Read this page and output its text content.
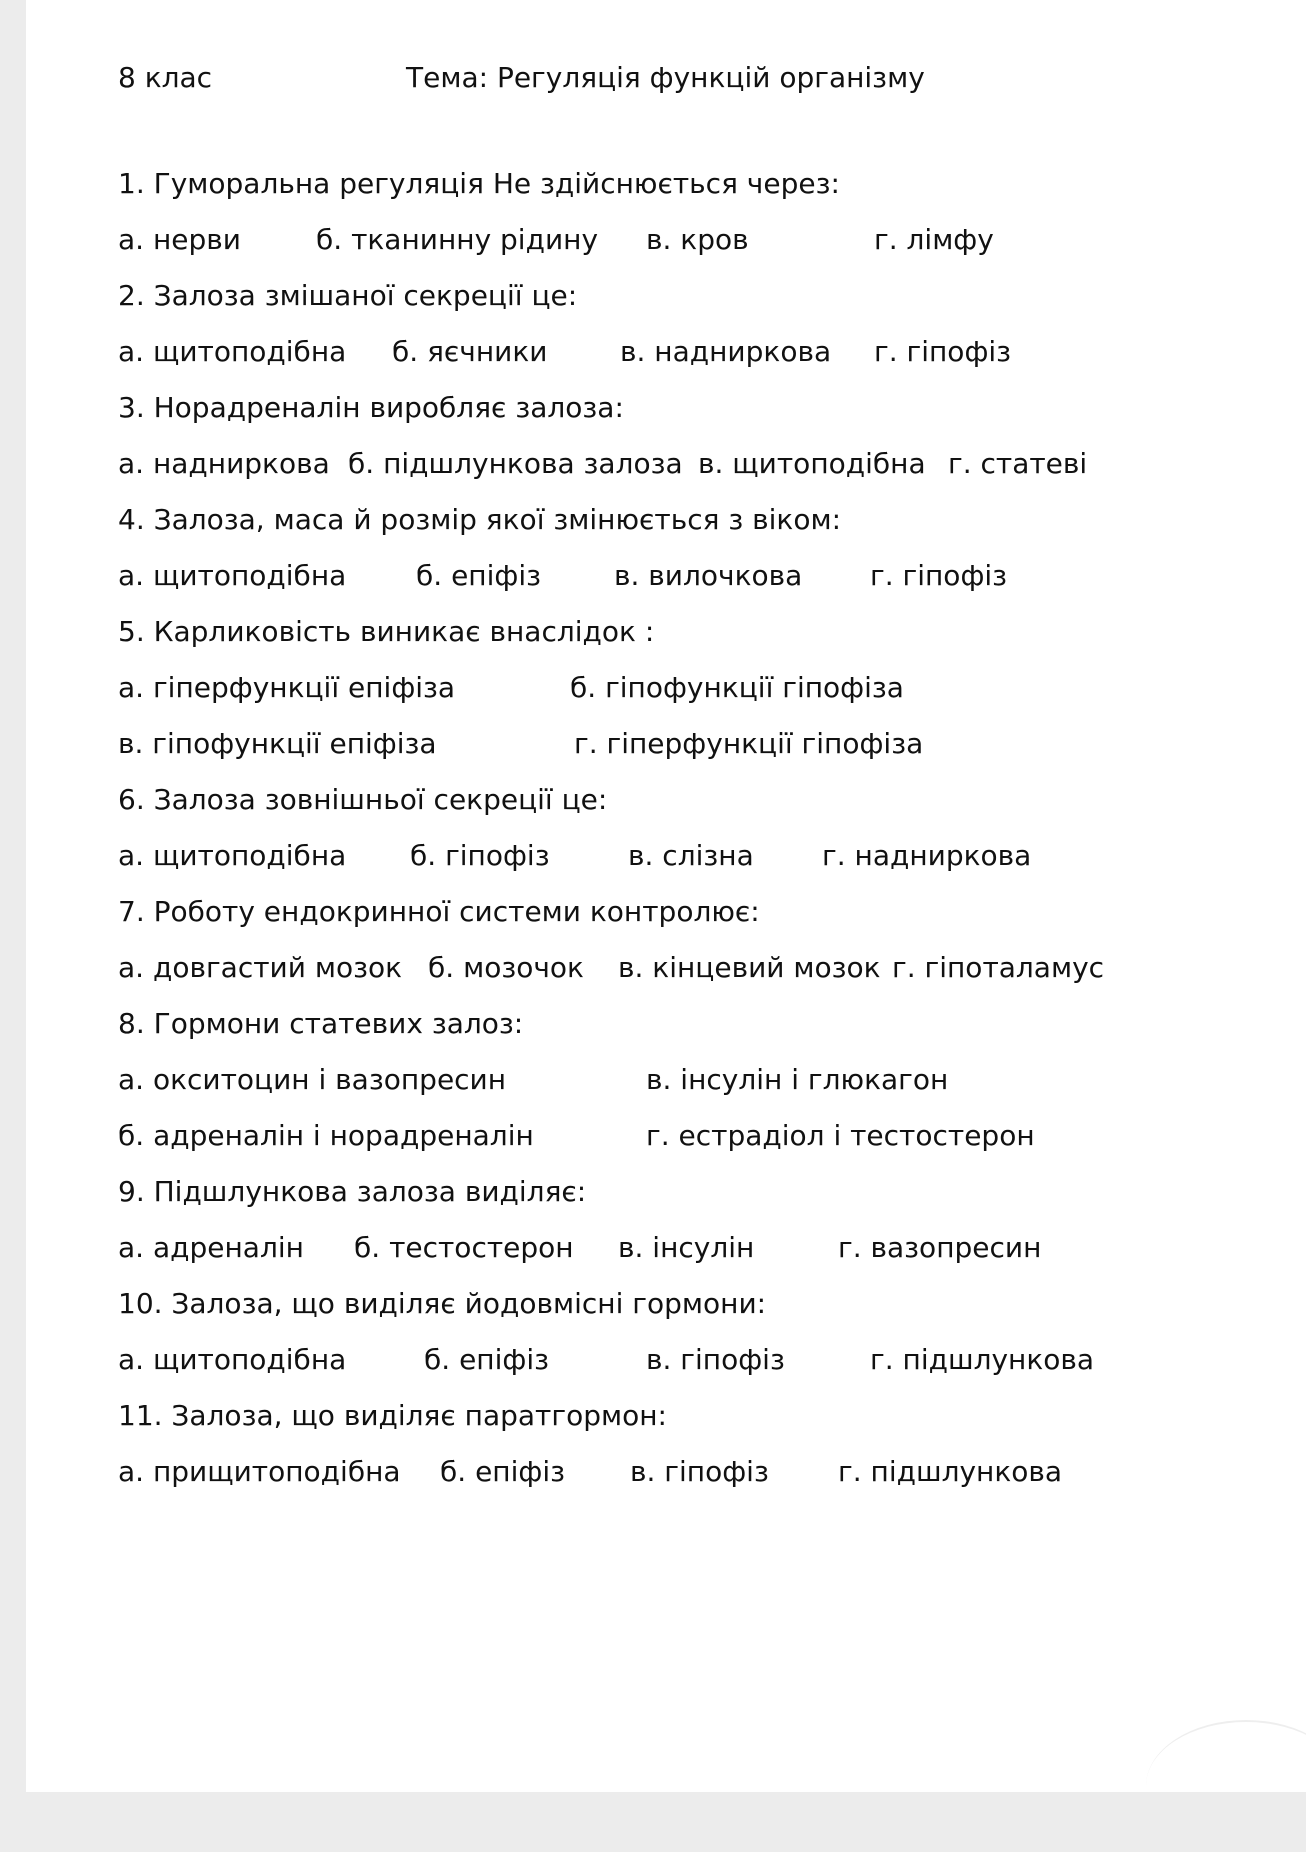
8 клас	Тема: Регуляція функцій організму
1. Гуморальна регуляція Не здійснюється через:
а. нерви	б. тканинну рідину в. кров	г. лімфу
2. Залоза змішаної секреції це:
а. щитоподібна б. яєчники	в. надниркова г. гіпофіз
3. Норадреналін виробляє залоза:
а. надниркова б. підшлункова залоза в. щитоподібна г. статеві
4. Залоза, маса й розмір якої змінюється з віком:
а. щитоподібна б. епіфіз	в. вилочкова г. гіпофіз
5. Карликовість виникає внаслідок :
а. гіперфункції епіфіза	б. гіпофункції гіпофіза
в. гіпофункції епіфіза	г. гіперфункції гіпофіза
6. Залоза зовнішньої секреції це:
а. щитоподібна б. гіпофіз	в. слізна г. надниркова
7. Роботу ендокринної системи контролює:
а. довгастий мозок б. мозочок в. кінцевий мозок г. гіпоталамус
8. Гормони статевих залоз:
а. окситоцин і вазопресин	в. інсулін і глюкагон
б. адреналін і норадреналін	г. естрадіол і тестостерон
9. Підшлункова залоза виділяє:
а. адреналін б. тестостерон в. інсулін	г. вазопресин
10. Залоза, що виділяє йодовмісні гормони:
а. щитоподібна	б. епіфіз	в. гіпофіз	г. підшлункова
11. Залоза, що виділяє паратгормон:
а. прищитоподібна б. епіфіз в. гіпофіз г. підшлункова
